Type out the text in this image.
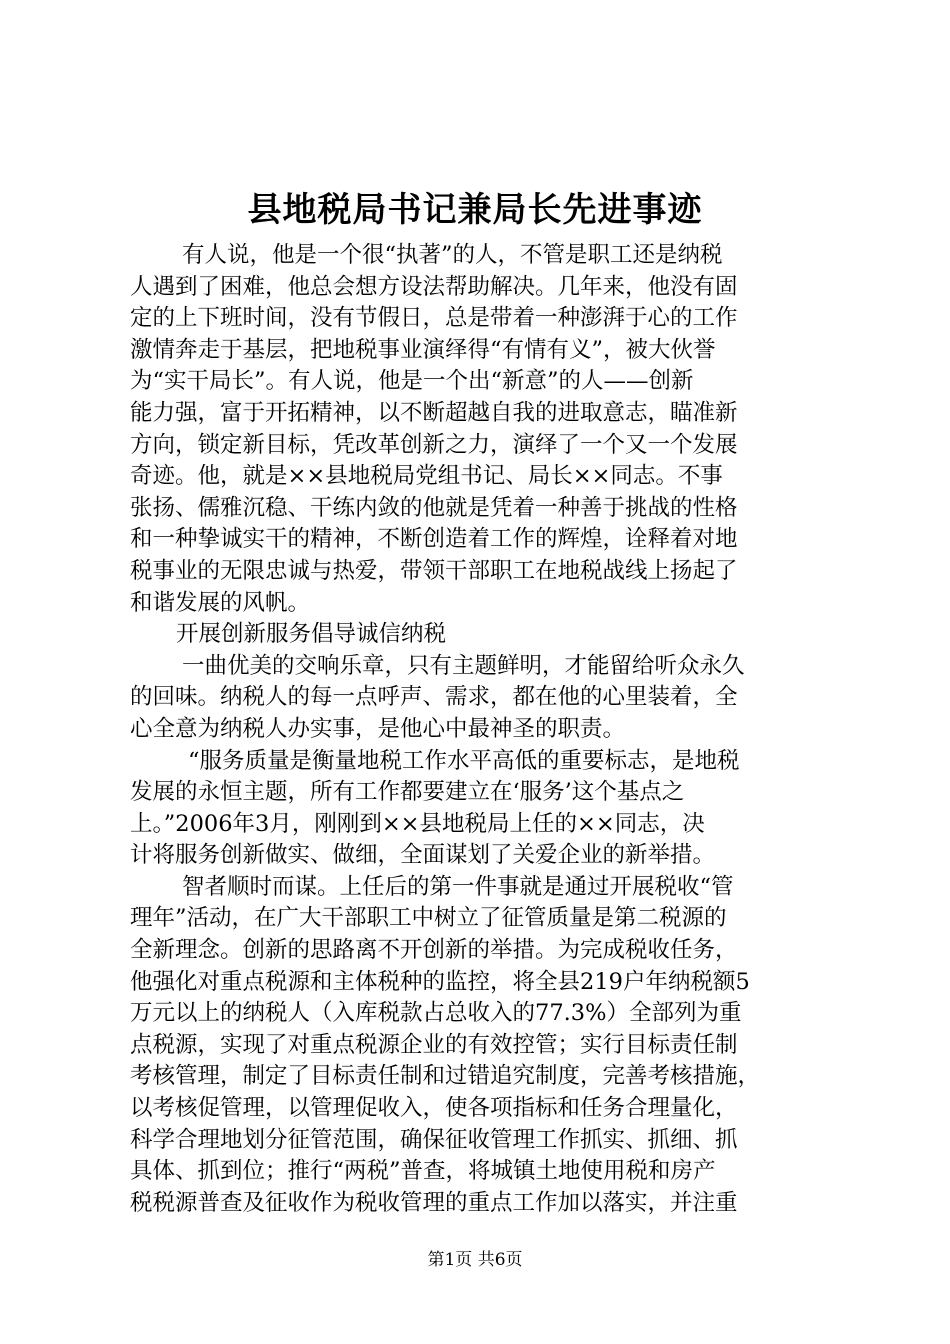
县地税局书记兼局长先进事迹
有人说，他是一个很“执著”的人，不管是职工还是纳税
人遇到了困难，他总会想方设法帮助解决。几年来，他没有固
定的上下班时间，没有节假日，总是带着一种澎湃于心的工作
激情奔走于基层，把地税事业演绎得“有情有义”，被大伙誉
为“实干局长”。有人说，他是一个出“新意”的人——创新
能力强，富于开拓精神，以不断超越自我的进取意志，瞄准新
方向，锁定新目标，凭改革创新之力，演绎了一个又一个发展
奇迹。他，就是××县地税局党组书记、局长××同志。不事
张扬、儒雅沉稳、干练内敛的他就是凭着一种善于挑战的性格
和一种挚诚实干的精神，不断创造着工作的辉煌，诠释着对地
税事业的无限忠诚与热爱，带领干部职工在地税战线上扬起了
和谐发展的风帆。
开展创新服务倡导诚信纳税
一曲优美的交响乐章，只有主题鲜明，才能留给听众永久
的回味。纳税人的每一点呼声、需求，都在他的心里装着，全
心全意为纳税人办实事，是他心中最神圣的职责。
“服务质量是衡量地税工作水平高低的重要标志，是地税
发展的永恒主题，所有工作都要建立在‘服务’这个基点之
上。”2006年3月，刚刚到××县地税局上任的××同志，决
计将服务创新做实、做细，全面谋划了关爱企业的新举措。
智者顺时而谋。上任后的第一件事就是通过开展税收“管
理年”活动，在广大干部职工中树立了征管质量是第二税源的
全新理念。创新的思路离不开创新的举措。为完成税收任务，
他强化对重点税源和主体税种的监控，将全县219户年纳税额5
万元以上的纳税人（入库税款占总收入的77.3%）全部列为重
点税源，实现了对重点税源企业的有效控管；实行目标责任制
考核管理，制定了目标责任制和过错追究制度，完善考核措施，
以考核促管理，以管理促收入，使各项指标和任务合理量化，
科学合理地划分征管范围，确保征收管理工作抓实、抓细、抓
具体、抓到位；推行“两税”普查，将城镇土地使用税和房产
税税源普查及征收作为税收管理的重点工作加以落实，并注重
第1页 共6页
